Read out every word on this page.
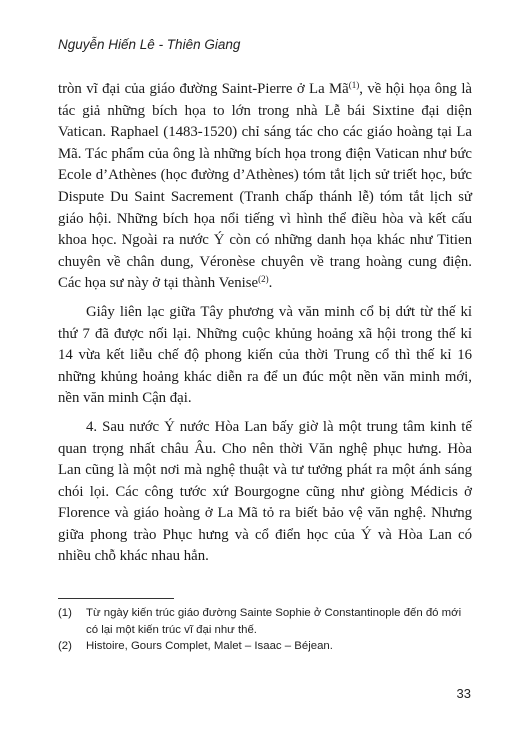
Nguyễn Hiến Lê - Thiên Giang

tròn vĩ đại của giáo đường Saint-Pierre ở La $Mã^{(1)}$, về hội họa ông là tác giả những bích họa to lớn trong nhà Lễ bái Sixtine đại diện Vatican. Raphael (1483-1520) chỉ sáng tác cho các giáo hoàng tại La Mã. Tác phẩm của ông là những bích họa trong điện Vatican như bức Ecole d’Athènes (học đường d’Athènes) tóm tắt lịch sử triết học, bức Dispute Du Saint Sacrement (Tranh chấp thánh lễ) tóm tắt lịch sử giáo hội. Những bích họa nổi tiếng vì hình thể điều hòa và kết cấu khoa học. Ngoài ra nước Ý còn có những danh họa khác như Titien chuyên về chân dung, Véronèse chuyên về trang hoàng cung điện. Các họa sư này ở tại thành Venise$^{(2)}$.

Giây liên lạc giữa Tây phương và văn minh cổ bị dứt từ thế kỉ thứ 7 đã được nối lại. Những cuộc khủng hoảng xã hội trong thế kỉ 14 vừa kết liễu chế độ phong kiến của thời Trung cổ thì thế kỉ 16 những khủng hoảng khác diễn ra để un đúc một nền văn minh mới, nền văn minh Cận đại.

4. Sau nước Ý nước Hòa Lan bấy giờ là một trung tâm kinh tế quan trọng nhất châu Âu. Cho nên thời Văn nghệ phục hưng. Hòa Lan cũng là một nơi mà nghệ thuật và tư tưởng phát ra một ánh sáng chói lọi. Các công tước xứ Bourgogne cũng như giòng Médicis ở Florence và giáo hoàng ở La Mã tỏ ra biết bảo vệ văn nghệ. Nhưng giữa phong trào Phục hưng và cổ điển học của Ý và Hòa Lan có nhiều chỗ khác nhau hẳn.

(1)	Từ ngày kiến trúc giáo đường Sainte Sophie ở Constantinople đến đó mới có lại một kiến trúc vĩ đại như thế.
(2)	Histoire, Gours Complet, Malet – Isaac – Béjean.
33
